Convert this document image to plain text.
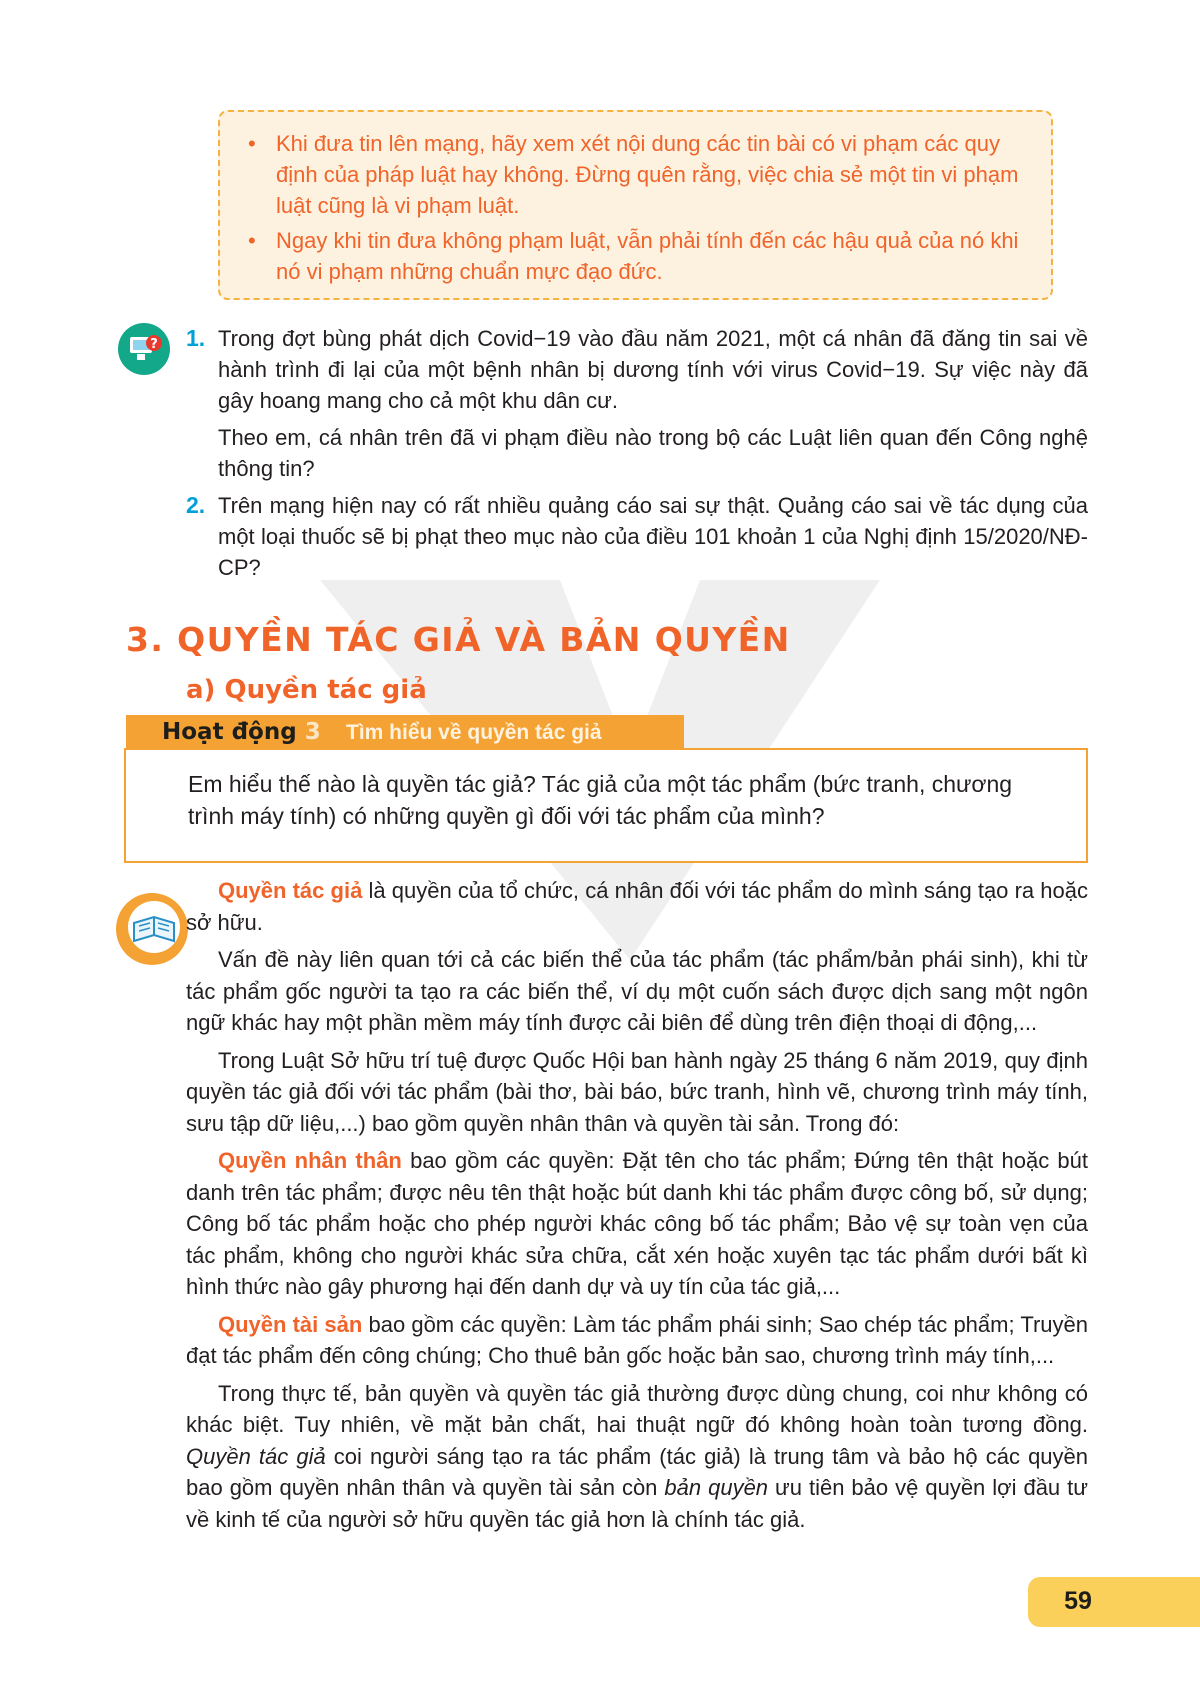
• Khi đưa tin lên mạng, hãy xem xét nội dung các tin bài có vi phạm các quy định của pháp luật hay không. Đừng quên rằng, việc chia sẻ một tin vi phạm luật cũng là vi phạm luật.
• Ngay khi tin đưa không phạm luật, vẫn phải tính đến các hậu quả của nó khi nó vi phạm những chuẩn mực đạo đức.
? 1. Trong đợt bùng phát dịch Covid−19 vào đầu năm 2021, một cá nhân đã đăng tin sai về hành trình đi lại của một bệnh nhân bị dương tính với virus Covid−19. Sự việc này đã gây hoang mang cho cả một khu dân cư.

Theo em, cá nhân trên đã vi phạm điều nào trong bộ các Luật liên quan đến Công nghệ thông tin?

2. Trên mạng hiện nay có rất nhiều quảng cáo sai sự thật. Quảng cáo sai về tác dụng của một loại thuốc sẽ bị phạt theo mục nào của điều 101 khoản 1 của Nghị định 15/2020/NĐ-CP?

3. QUYỀN TÁC GIẢ VÀ BẢN QUYỀN
a) Quyền tác giả
Hoạt động 3 Tìm hiểu về quyền tác giả
Em hiểu thế nào là quyền tác giả? Tác giả của một tác phẩm (bức tranh, chương trình máy tính) có những quyền gì đối với tác phẩm của mình?

Quyền tác giả là quyền của tổ chức, cá nhân đối với tác phẩm do mình sáng tạo ra hoặc sở hữu.

Vấn đề này liên quan tới cả các biến thể của tác phẩm (tác phẩm/bản phái sinh), khi từ tác phẩm gốc người ta tạo ra các biến thể, ví dụ một cuốn sách được dịch sang một ngôn ngữ khác hay một phần mềm máy tính được cải biên để dùng trên điện thoại di động,...

Trong Luật Sở hữu trí tuệ được Quốc Hội ban hành ngày 25 tháng 6 năm 2019, quy định quyền tác giả đối với tác phẩm (bài thơ, bài báo, bức tranh, hình vẽ, chương trình máy tính, sưu tập dữ liệu,...) bao gồm quyền nhân thân và quyền tài sản. Trong đó:

Quyền nhân thân bao gồm các quyền: Đặt tên cho tác phẩm; Đứng tên thật hoặc bút danh trên tác phẩm; được nêu tên thật hoặc bút danh khi tác phẩm được công bố, sử dụng; Công bố tác phẩm hoặc cho phép người khác công bố tác phẩm; Bảo vệ sự toàn vẹn của tác phẩm, không cho người khác sửa chữa, cắt xén hoặc xuyên tạc tác phẩm dưới bất kì hình thức nào gây phương hại đến danh dự và uy tín của tác giả,...

Quyền tài sản bao gồm các quyền: Làm tác phẩm phái sinh; Sao chép tác phẩm; Truyền đạt tác phẩm đến công chúng; Cho thuê bản gốc hoặc bản sao, chương trình máy tính,...

Trong thực tế, bản quyền và quyền tác giả thường được dùng chung, coi như không có khác biệt. Tuy nhiên, về mặt bản chất, hai thuật ngữ đó không hoàn toàn tương đồng. Quyền tác giả coi người sáng tạo ra tác phẩm (tác giả) là trung tâm và bảo hộ các quyền bao gồm quyền nhân thân và quyền tài sản còn bản quyền ưu tiên bảo vệ quyền lợi đầu tư về kinh tế của người sở hữu quyền tác giả hơn là chính tác giả.

59
